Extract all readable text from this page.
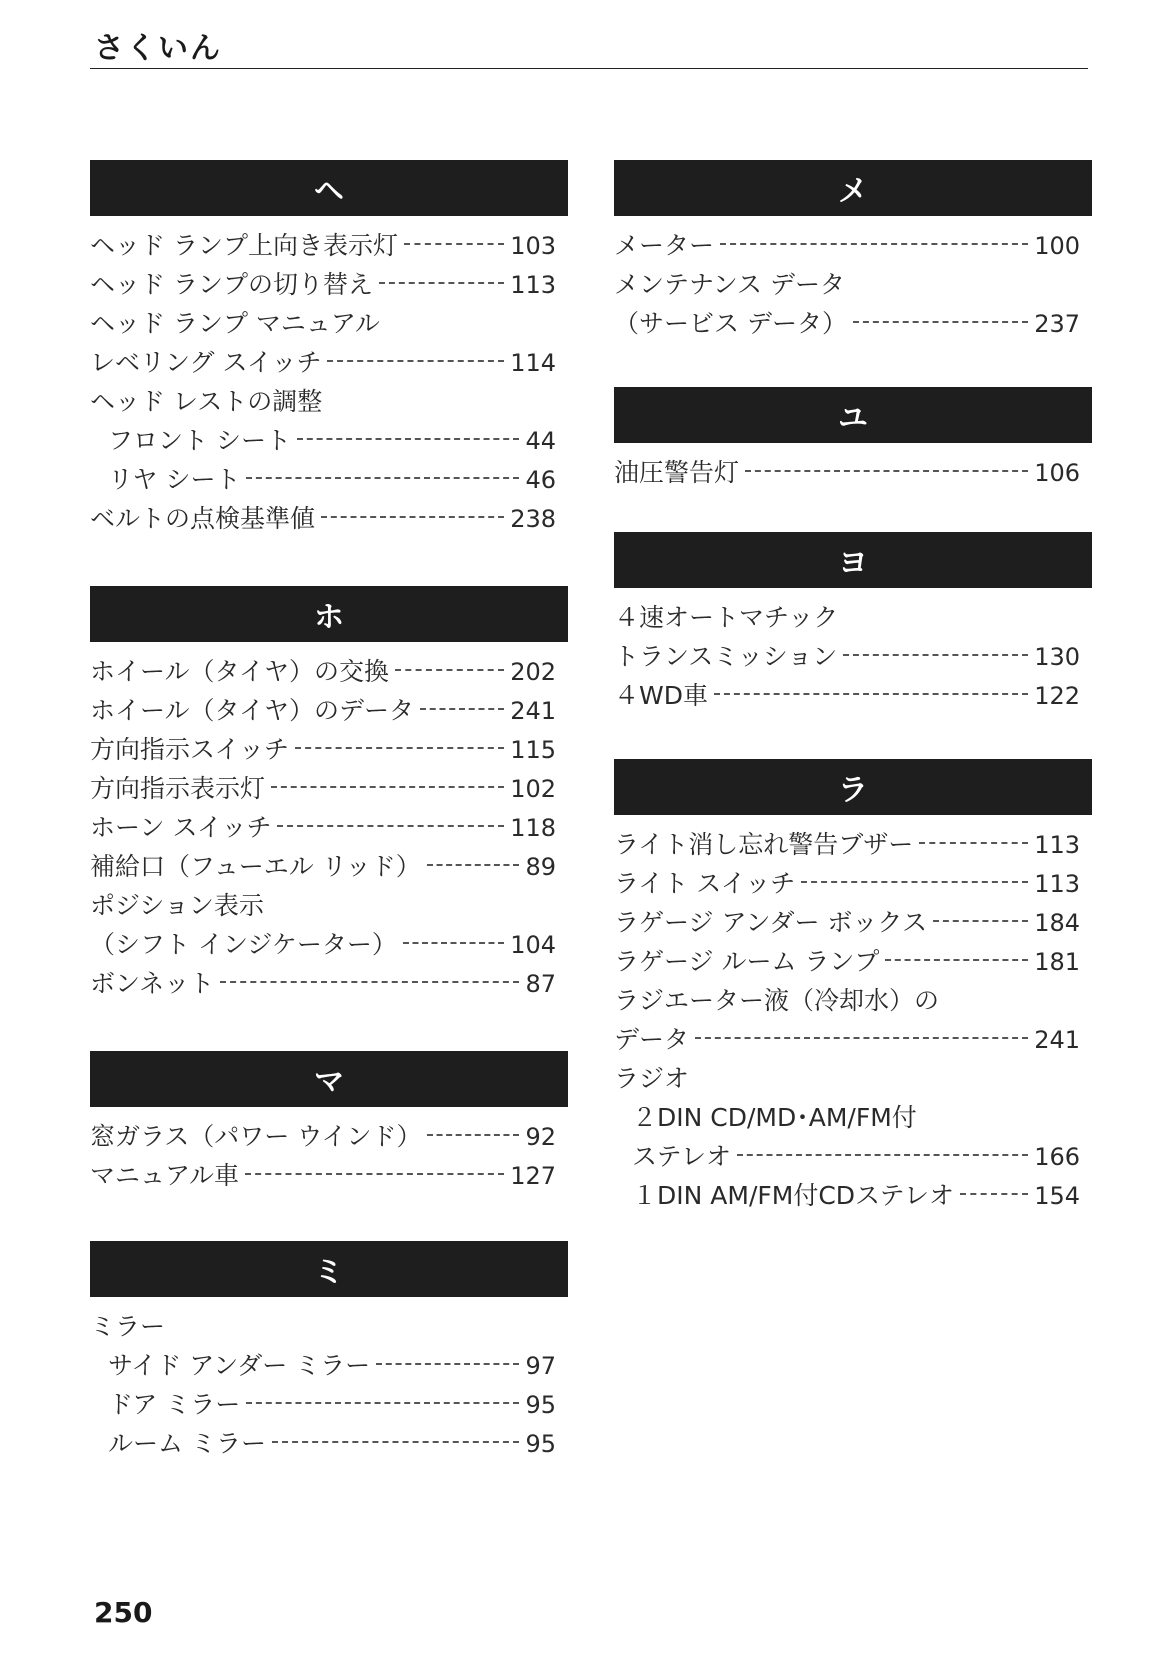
さくいん
ヘ
ヘッド ランプ上向き表示灯	103
ヘッド ランプの切り替え	113
ヘッド ランプ マニュアル
レベリング スイッチ	114
ヘッド レストの調整
フロント シート	44
リヤ シート	46
ベルトの点検基準値	238
ホ
ホイール（タイヤ）の交換	202
ホイール（タイヤ）のデータ	241
方向指示スイッチ	115
方向指示表示灯	102
ホーン スイッチ	118
補給口（フューエル リッド）	89
ポジション表示
（シフト インジケーター）	104
ボンネット	87
マ
窓ガラス（パワー ウインド）	92
マニュアル車	127
ミ
ミラー
サイド アンダー ミラー	97
ドア ミラー	95
ルーム ミラー	95
メ
メーター	100
メンテナンス データ
（サービス データ）	237
ユ
油圧警告灯	106
ヨ
４速オートマチック
トランスミッション	130
４WD車	122
ラ
ライト消し忘れ警告ブザー	113
ライト スイッチ	113
ラゲージ アンダー ボックス	184
ラゲージ ルーム ランプ	181
ラジエーター液（冷却水）の
データ	241
ラジオ
２DIN CD/MD･AM/FM付
ステレオ	166
１DIN AM/FM付CDステレオ	154
250
